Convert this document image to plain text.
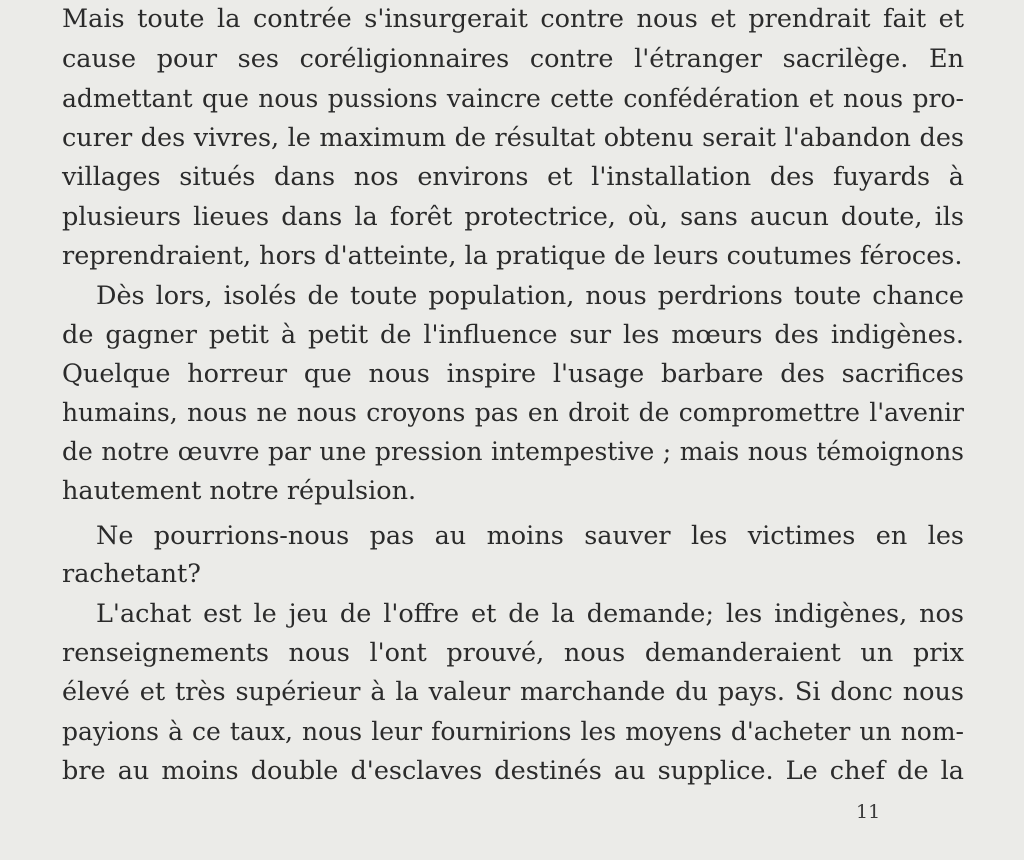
Mais toute la contrée s'insurgerait contre nous et prendrait fait et

cause pour ses coréligionnaires contre l'étranger sacrilège. En

admettant que nous pussions vaincre cette confédération et nous pro-

curer des vivres, le maximum de résultat obtenu serait l'abandon des

villages situés dans nos environs et l'installation des fuyards à

plusieurs lieues dans la forêt protectrice, où, sans aucun doute, ils

reprendraient, hors d'atteinte, la pratique de leurs coutumes féroces.

Dès lors, isolés de toute population, nous perdrions toute chance

de gagner petit à petit de l'influence sur les mœurs des indigènes.

Quelque horreur que nous inspire l'usage barbare des sacrifices

humains, nous ne nous croyons pas en droit de compromettre l'avenir

de notre œuvre par une pression intempestive ; mais nous témoignons

hautement notre répulsion.

Ne pourrions-nous pas au moins sauver les victimes en les

rachetant?

L'achat est le jeu de l'offre et de la demande; les indigènes, nos

renseignements nous l'ont prouvé, nous demanderaient un prix

élevé et très supérieur à la valeur marchande du pays. Si donc nous

payions à ce taux, nous leur fournirions les moyens d'acheter un nom-

bre au moins double d'esclaves destinés au supplice. Le chef de la

11
